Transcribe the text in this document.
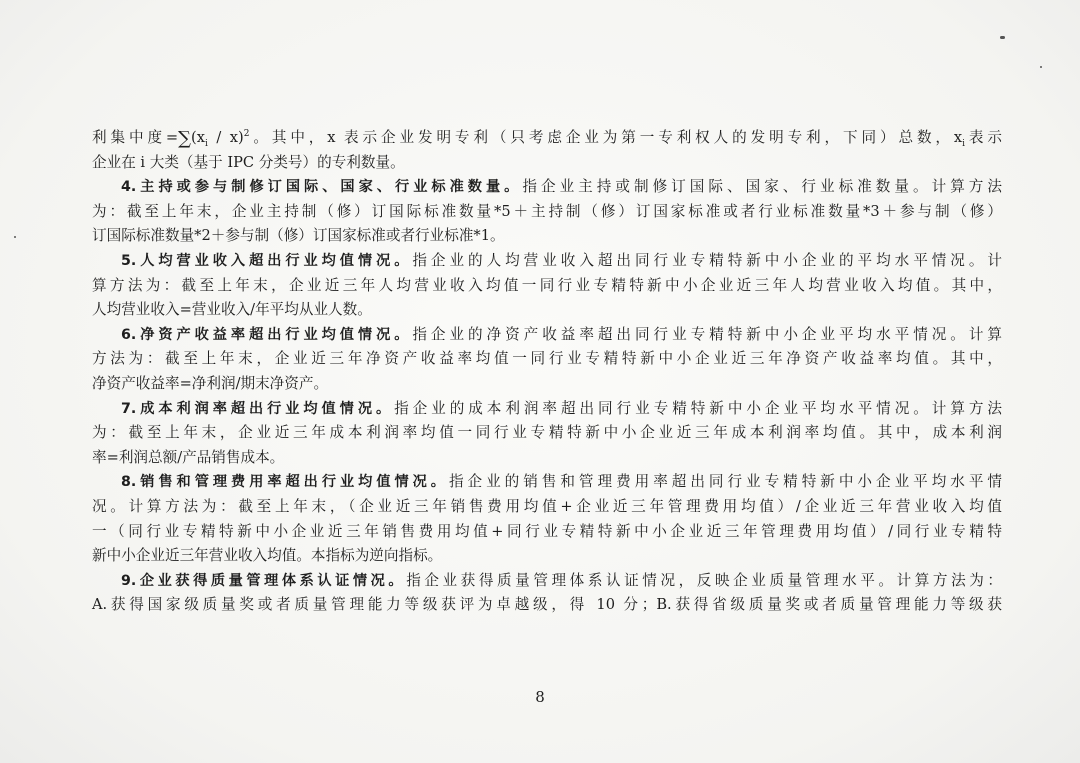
利集中度$=\sum(x_i / x)^2$。其中，x 表示企业发明专利（只考虑企业为第一专利权人的发明专利，下同）总数，$x_i$表示
企业在 i 大类（基于 IPC 分类号）的专利数量。
4.主持或参与制修订国际、国家、行业标准数量。指企业主持或制修订国际、国家、行业标准数量。计算方法
为：截至上年末，企业主持制（修）订国际标准数量*5＋主持制（修）订国家标准或者行业标准数量*3＋参与制（修）
订国际标准数量*2＋参与制（修）订国家标准或者行业标准*1。
5.人均营业收入超出行业均值情况。指企业的人均营业收入超出同行业专精特新中小企业的平均水平情况。计
算方法为：截至上年末，企业近三年人均营业收入均值一同行业专精特新中小企业近三年人均营业收入均值。其中，
人均营业收入=营业收入/年平均从业人数。
6.净资产收益率超出行业均值情况。指企业的净资产收益率超出同行业专精特新中小企业平均水平情况。计算
方法为：截至上年末，企业近三年净资产收益率均值一同行业专精特新中小企业近三年净资产收益率均值。其中，
净资产收益率=净利润/期末净资产。
7.成本利润率超出行业均值情况。指企业的成本利润率超出同行业专精特新中小企业平均水平情况。计算方法
为：截至上年末，企业近三年成本利润率均值一同行业专精特新中小企业近三年成本利润率均值。其中，成本利润
率=利润总额/产品销售成本。
8.销售和管理费用率超出行业均值情况。指企业的销售和管理费用率超出同行业专精特新中小企业平均水平情
况。计算方法为：截至上年末，（企业近三年销售费用均值+企业近三年管理费用均值）/企业近三年营业收入均值
一（同行业专精特新中小企业近三年销售费用均值+同行业专精特新中小企业近三年管理费用均值）/同行业专精特
新中小企业近三年营业收入均值。本指标为逆向指标。
9.企业获得质量管理体系认证情况。指企业获得质量管理体系认证情况，反映企业质量管理水平。计算方法为：
A.获得国家级质量奖或者质量管理能力等级获评为卓越级，得 10 分；B.获得省级质量奖或者质量管理能力等级获
8
